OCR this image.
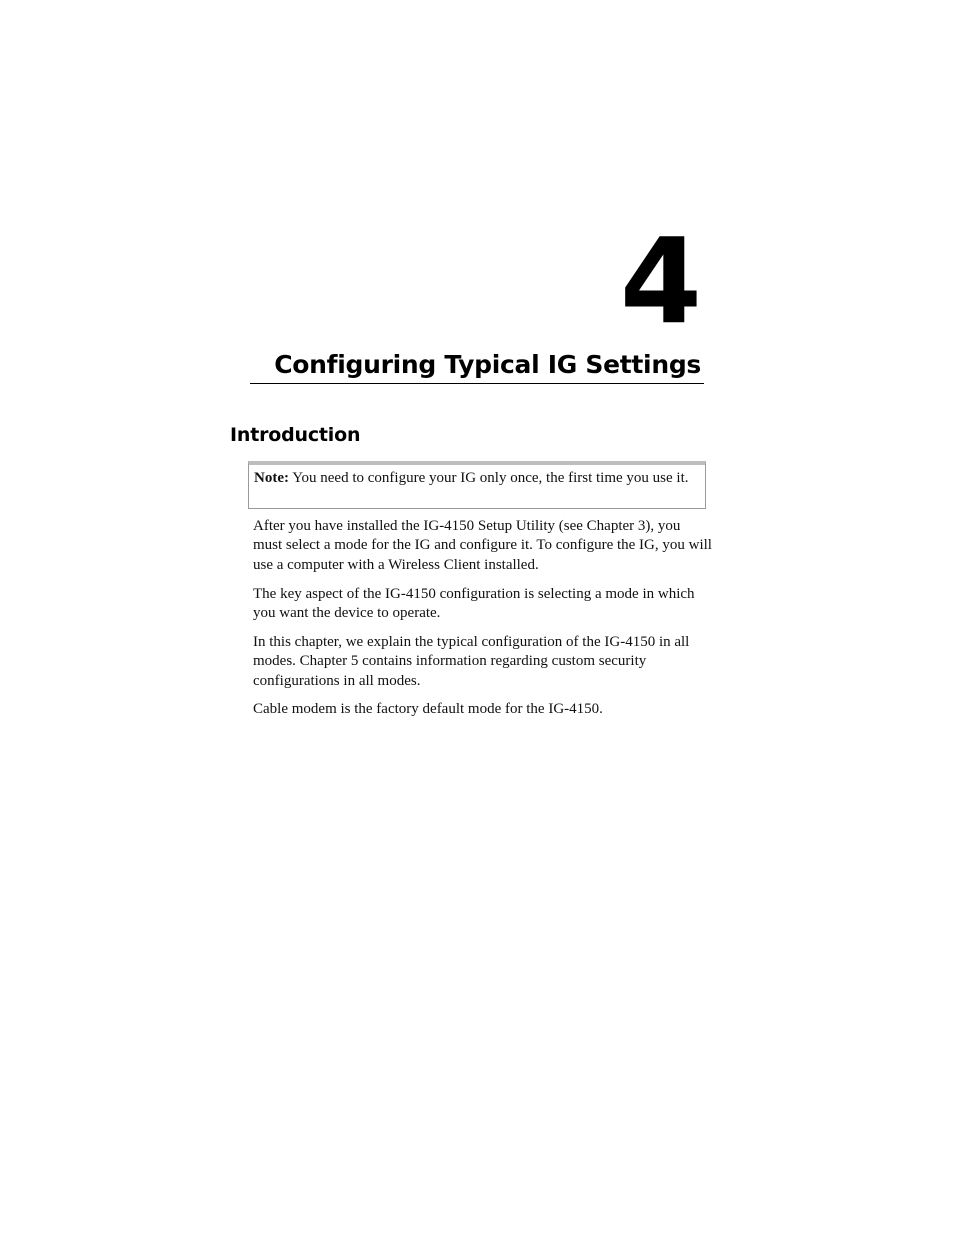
4
Configuring Typical IG Settings
Introduction

Note: You need to configure your IG only once, the first time you use it.

After you have installed the IG-4150 Setup Utility (see Chapter 3), you must select a mode for the IG and configure it. To configure the IG, you will use a computer with a Wireless Client installed.

The key aspect of the IG-4150 configuration is selecting a mode in which you want the device to operate.

In this chapter, we explain the typical configuration of the IG-4150 in all modes. Chapter 5 contains information regarding custom security configurations in all modes.

Cable modem is the factory default mode for the IG-4150.
